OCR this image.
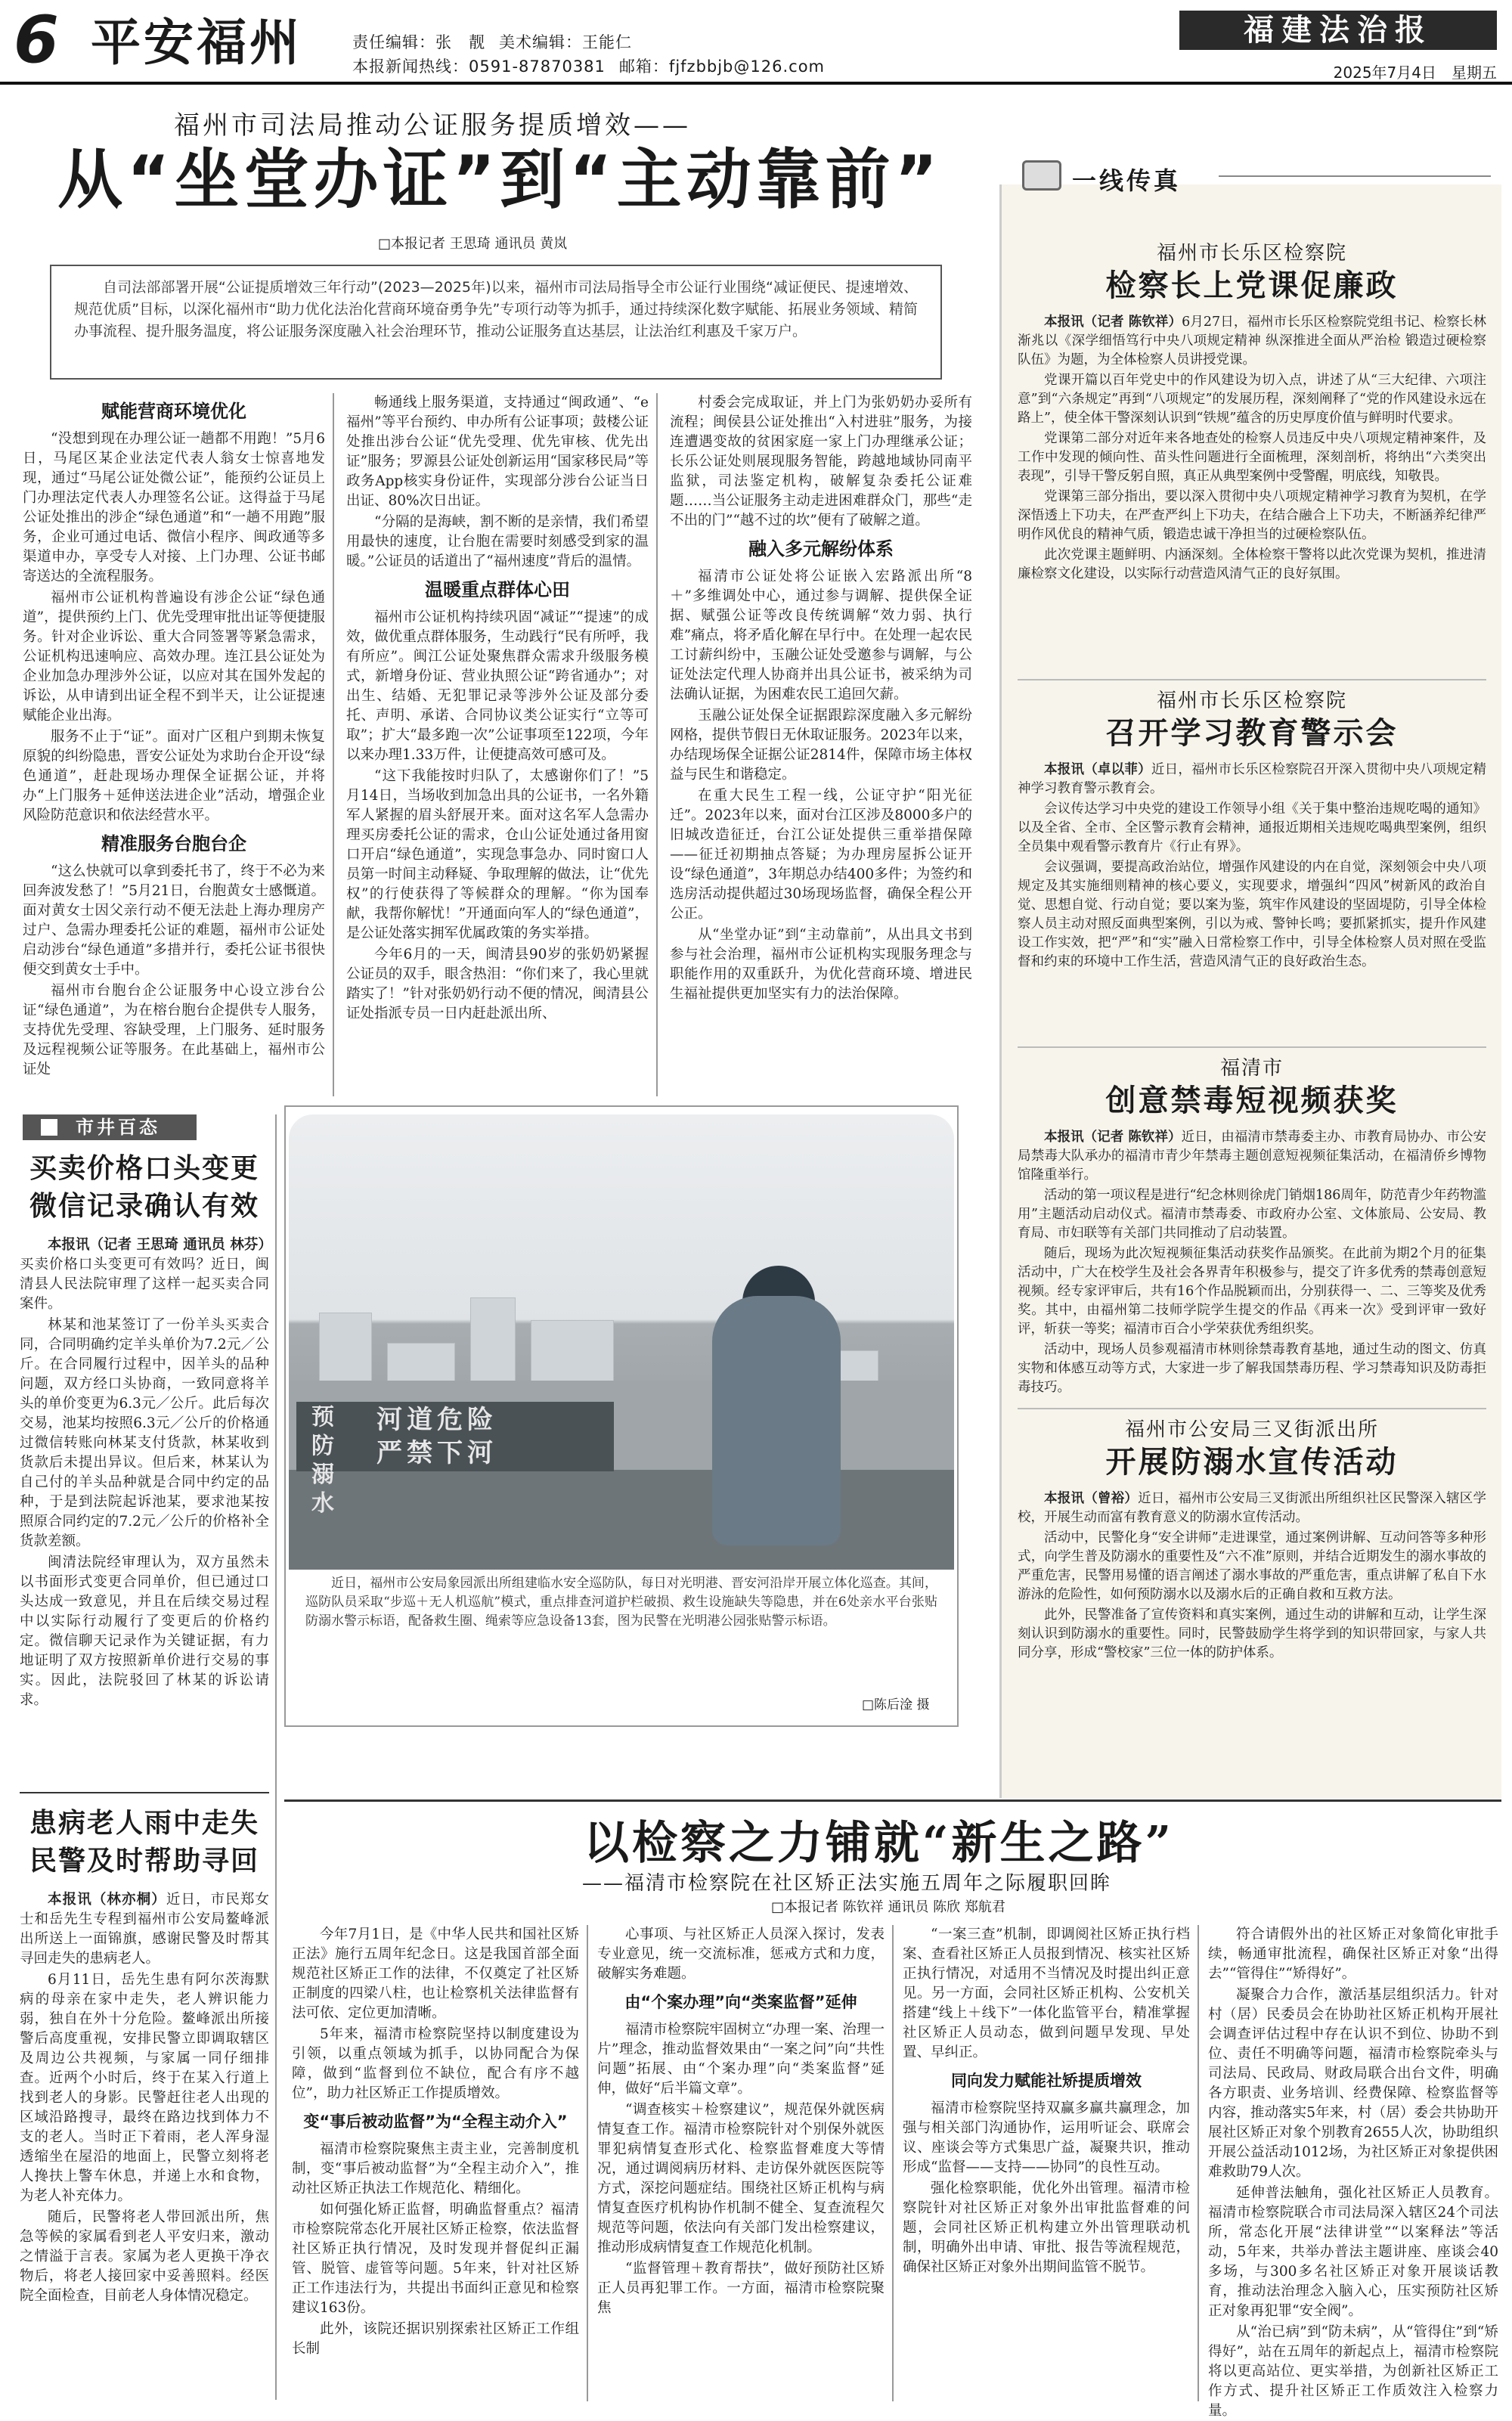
6 平安福州	责任编辑：张　靓 美术编辑：王能仁
本报新闻热线：0591-87870381 邮箱：fjfzbbjb@126.com
福建法治报
2025年7月4日　星期五
福州市司法局推动公证服务提质增效——
从“坐堂办证”到“主动靠前”
□本报记者 王思琦 通讯员 黄岚
自司法部部署开展“公证提质增效三年行动”(2023—2025年)以来，福州市司法局指导全市公证行业围绕“减证便民、提速增效、规范优质”目标，以深化福州市“助力优化法治化营商环境奋勇争先”专项行动等为抓手，通过持续深化数字赋能、拓展业务领域、精简办事流程、提升服务温度，将公证服务深度融入社会治理环节，推动公证服务直达基层，让法治红利惠及千家万户。
赋能营商环境优化

“没想到现在办理公证一趟都不用跑！”5月6日，马尾区某企业法定代表人翁女士惊喜地发现，通过“马尾公证处微公证”，能预约公证员上门办理法定代表人办理签名公证。这得益于马尾公证处推出的涉企“绿色通道”和“一趟不用跑”服务，企业可通过电话、微信小程序、闽政通等多渠道申办，享受专人对接、上门办理、公证书邮寄送达的全流程服务。

福州市公证机构普遍设有涉企公证“绿色通道”，提供预约上门、优先受理审批出证等便捷服务。针对企业诉讼、重大合同签署等紧急需求，公证机构迅速响应、高效办理。连江县公证处为企业加急办理涉外公证，以应对其在国外发起的诉讼，从申请到出证全程不到半天，让公证提速赋能企业出海。

服务不止于“证”。面对广区租户到期未恢复原貌的纠纷隐患，晋安公证处为求助台企开设“绿色通道”，赶赴现场办理保全证据公证，并将办“上门服务＋延伸送法进企业”活动，增强企业风险防范意识和依法经营水平。

精准服务台胞台企

“这么快就可以拿到委托书了，终于不必为来回奔波发愁了！”5月21日，台胞黄女士感慨道。面对黄女士因父亲行动不便无法赴上海办理房产过户、急需办理委托公证的难题，福州市公证处启动涉台“绿色通道”多措并行，委托公证书很快便交到黄女士手中。

福州市台胞台企公证服务中心设立涉台公证“绿色通道”，为在榕台胞台企提供专人服务，支持优先受理、容缺受理，上门服务、延时服务及远程视频公证等服务。在此基础上，福州市公证处

畅通线上服务渠道，支持通过“闽政通”、“e福州”等平台预约、申办所有公证事项；鼓楼公证处推出涉台公证“优先受理、优先审核、优先出证”服务；罗源县公证处创新运用“国家移民局”等政务App核实身份证件，实现部分涉台公证当日出证、80%次日出证。

“分隔的是海峡，割不断的是亲情，我们希望用最快的速度，让台胞在需要时刻感受到家的温暖。”公证员的话道出了“福州速度”背后的温情。

温暖重点群体心田

福州市公证机构持续巩固“减证”“提速”的成效，做优重点群体服务，生动践行“民有所呼，我有所应”。闽江公证处聚焦群众需求升级服务模式，新增身份证、营业执照公证“跨省通办”；对出生、结婚、无犯罪记录等涉外公证及部分委托、声明、承诺、合同协议类公证实行“立等可取”；扩大“最多跑一次”公证事项至122项，今年以来办理1.33万件，让便捷高效可感可及。

“这下我能按时归队了，太感谢你们了！”5月14日，当场收到加急出具的公证书，一名外籍军人紧握的眉头舒展开来。面对这名军人急需办理买房委托公证的需求，仓山公证处通过备用窗口开启“绿色通道”，实现急事急办、同时窗口人员第一时间主动释疑、争取理解的做法，让“优先权”的行使获得了等候群众的理解。“你为国奉献，我帮你解忧！”开通面向军人的“绿色通道”，是公证处落实拥军优属政策的务实举措。

今年6月的一天，闽清县90岁的张奶奶紧握公证员的双手，眼含热泪：“你们来了，我心里就踏实了！”针对张奶奶行动不便的情况，闽清县公证处指派专员一日内赶赴派出所、

村委会完成取证，并上门为张奶奶办妥所有流程；闽侯县公证处推出“入村进驻”服务，为接连遭遇变故的贫困家庭一家上门办理继承公证；长乐公证处则展现服务智能，跨越地域协同南平监狱，司法鉴定机构，破解复杂委托公证难题……当公证服务主动走进困难群众门，那些“走不出的门”“越不过的坎”便有了破解之道。

融入多元解纷体系

福清市公证处将公证嵌入宏路派出所“8＋”多维调处中心，通过参与调解、提供保全证据、赋强公证等改良传统调解“效力弱、执行难”痛点，将矛盾化解在早行中。在处理一起农民工讨薪纠纷中，玉融公证处受邀参与调解，与公证处法定代理人协商并出具公证书，被采纳为司法确认证据，为困难农民工追回欠薪。

玉融公证处保全证据跟踪深度融入多元解纷网格，提供节假日无休取证服务。2023年以来，办结现场保全证据公证2814件，保障市场主体权益与民生和谐稳定。

在重大民生工程一线，公证守护“阳光征迁”。2023年以来，面对台江区涉及8000多户的旧城改造征迁，台江公证处提供三重举措保障——征迁初期抽点答疑；为办理房屋拆公证开设“绿色通道”，3年期总办结400多件；为签约和选房活动提供超过30场现场监督，确保全程公开公正。

从“坐堂办证”到“主动靠前”，从出具文书到参与社会治理，福州市公证机构实现服务理念与职能作用的双重跃升，为优化营商环境、增进民生福祉提供更加坚实有力的法治保障。

一线传真
福州市长乐区检察院
检察长上党课促廉政

本报讯（记者 陈钦祥）6月27日，福州市长乐区检察院党组书记、检察长林渐兆以《深学细悟笃行中央八项规定精神 纵深推进全面从严治检 锻造过硬检察队伍》为题，为全体检察人员讲授党课。

党课开篇以百年党史中的作风建设为切入点，讲述了从“三大纪律、六项注意”到“六条规定”再到“八项规定”的发展历程，深刻阐释了“党的作风建设永远在路上”，使全体干警深刻认识到“铁规”蕴含的历史厚度价值与鲜明时代要求。

党课第二部分对近年来各地查处的检察人员违反中央八项规定精神案件，及工作中发现的倾向性、苗头性问题进行全面梳理，深刻剖析，将纳出“六类突出表现”，引导干警反躬自照，真正从典型案例中受警醒，明底线，知敬畏。

党课第三部分指出，要以深入贯彻中央八项规定精神学习教育为契机，在学深悟透上下功夫，在严查严纠上下功夫，在结合融合上下功夫，不断涵养纪律严明作风优良的精神气质，锻造忠诚干净担当的过硬检察队伍。

此次党课主题鲜明、内涵深刻。全体检察干警将以此次党课为契机，推进清廉检察文化建设，以实际行动营造风清气正的良好氛围。

福州市长乐区检察院
召开学习教育警示会

本报讯（卓以菲）近日，福州市长乐区检察院召开深入贯彻中央八项规定精神学习教育警示教育会。

会议传达学习中央党的建设工作领导小组《关于集中整治违规吃喝的通知》以及全省、全市、全区警示教育会精神，通报近期相关违规吃喝典型案例，组织全员集中观看警示教育片《行止有界》。

会议强调，要提高政治站位，增强作风建设的内在自觉，深刻领会中央八项规定及其实施细则精神的核心要义，实现要求，增强纠“四风”树新风的政治自觉、思想自觉、行动自觉；要以案为鉴，筑牢作风建设的坚固堤防，引导全体检察人员主动对照反面典型案例，引以为戒、警钟长鸣；要抓紧抓实，提升作风建设工作实效，把“严”和“实”融入日常检察工作中，引导全体检察人员对照在受监督和约束的环境中工作生活，营造风清气正的良好政治生态。

福清市
创意禁毒短视频获奖

本报讯（记者 陈钦祥）近日，由福清市禁毒委主办、市教育局协办、市公安局禁毒大队承办的福清市青少年禁毒主题创意短视频征集活动，在福清侨乡博物馆隆重举行。

活动的第一项议程是进行“纪念林则徐虎门销烟186周年，防范青少年药物滥用”主题活动启动仪式。福清市禁毒委、市政府办公室、文体旅局、公安局、教育局、市妇联等有关部门共同推动了启动装置。

随后，现场为此次短视频征集活动获奖作品颁奖。在此前为期2个月的征集活动中，广大在校学生及社会各界青年积极参与，提交了许多优秀的禁毒创意短视频。经专家评审后，共有16个作品脱颖而出，分别获得一、二、三等奖及优秀奖。其中，由福州第二技师学院学生提交的作品《再来一次》受到评审一致好评，斩获一等奖；福清市百合小学荣获优秀组织奖。

活动中，现场人员参观福清市林则徐禁毒教育基地，通过生动的图文、仿真实物和体感互动等方式，大家进一步了解我国禁毒历程、学习禁毒知识及防毒拒毒技巧。

福州市公安局三叉街派出所
开展防溺水宣传活动

本报讯（曾裕）近日，福州市公安局三叉街派出所组织社区民警深入辖区学校，开展生动而富有教育意义的防溺水宣传活动。

活动中，民警化身“安全讲师”走进课堂，通过案例讲解、互动问答等多种形式，向学生普及防溺水的重要性及“六不准”原则，并结合近期发生的溺水事故的严重危害，民警用易懂的语言阐述了溺水事故的严重危害，重点讲解了私自下水游泳的危险性，如何预防溺水以及溺水后的正确自救和互救方法。

此外，民警准备了宣传资料和真实案例，通过生动的讲解和互动，让学生深刻认识到防溺水的重要性。同时，民警鼓励学生将学到的知识带回家，与家人共同分享，形成“警校家”三位一体的防护体系。

市井百态
买卖价格口头变更
微信记录确认有效

本报讯（记者 王思琦 通讯员 林芬）买卖价格口头变更可有效吗？近日，闽清县人民法院审理了这样一起买卖合同案件。

林某和池某签订了一份羊头买卖合同，合同明确约定羊头单价为7.2元／公斤。在合同履行过程中，因羊头的品种问题，双方经口头协商，一致同意将羊头的单价变更为6.3元／公斤。此后每次交易，池某均按照6.3元／公斤的价格通过微信转账向林某支付货款，林某收到货款后未提出异议。但后来，林某认为自己付的羊头品种就是合同中约定的品种，于是到法院起诉池某，要求池某按照原合同约定的7.2元／公斤的价格补全货款差额。

闽清法院经审理认为，双方虽然未以书面形式变更合同单价，但已通过口头达成一致意见，并且在后续交易过程中以实际行动履行了变更后的价格约定。微信聊天记录作为关键证据，有力地证明了双方按照新单价进行交易的事实。因此，法院驳回了林某的诉讼请求。

患病老人雨中走失
民警及时帮助寻回

本报讯（林亦桐）近日，市民郑女士和岳先生专程到福州市公安局鳌峰派出所送上一面锦旗，感谢民警及时帮其寻回走失的患病老人。

6月11日，岳先生患有阿尔茨海默病的母亲在家中走失，老人辨识能力弱，独自在外十分危险。鳌峰派出所接警后高度重视，安排民警立即调取辖区及周边公共视频，与家属一同仔细排查。近两个小时后，终于在某入行道上找到老人的身影。民警赶往老人出现的区域沿路搜寻，最终在路边找到体力不支的老人。当时正下着雨，老人浑身湿透缩坐在屋沿的地面上，民警立刻将老人搀扶上警车休息，并递上水和食物，为老人补充体力。

随后，民警将老人带回派出所，焦急等候的家属看到老人平安归来，激动之情溢于言表。家属为老人更换干净衣物后，将老人接回家中妥善照料。经医院全面检查，目前老人身体情况稳定。

预防
溺水河道危险
严禁下河
近日，福州市公安局象园派出所组建临水安全巡防队，每日对光明港、晋安河沿岸开展立体化巡查。其间，巡防队员采取“步巡＋无人机巡航”模式，重点排查河道护栏破损、救生设施缺失等隐患，并在6处亲水平台张贴防溺水警示标语，配备救生圈、绳索等应急设备13套，图为民警在光明港公园张贴警示标语。
□陈后淦 摄
以检察之力铺就“新生之路”
——福清市检察院在社区矫正法实施五周年之际履职回眸
□本报记者 陈钦祥 通讯员 陈欣 郑航君

今年7月1日，是《中华人民共和国社区矫正法》施行五周年纪念日。这是我国首部全面规范社区矫正工作的法律，不仅奠定了社区矫正制度的四梁八柱，也让检察机关法律监督有法可依、定位更加清晰。

5年来，福清市检察院坚持以制度建设为引领，以重点领域为抓手，以协同配合为保障，做到“监督到位不缺位，配合有序不越位”，助力社区矫正工作提质增效。

变“事后被动监督”为“全程主动介入”

福清市检察院聚焦主责主业，完善制度机制，变“事后被动监督”为“全程主动介入”，推动社区矫正执法工作规范化、精细化。

如何强化矫正监督，明确监督重点？福清市检察院常态化开展社区矫正检察，依法监督社区矫正执行情况，及时发现并督促纠正漏管、脱管、虚管等问题。5年来，针对社区矫正工作违法行为，共提出书面纠正意见和检察建议163份。

此外，该院还据识别探索社区矫正工作组长制

心事项、与社区矫正人员深入探讨，发表专业意见，统一交流标准，惩戒方式和力度，破解实务难题。

由“个案办理”向“类案监督”延伸

福清市检察院牢固树立“办理一案、治理一片”理念，推动监督效果由“一案之问”向“共性问题”拓展、由“个案办理”向“类案监督”延伸，做好“后半篇文章”。

“调查核实＋检察建议”，规范保外就医病情复查工作。福清市检察院针对个别保外就医罪犯病情复查形式化、检察监督难度大等情况，通过调阅病历材料、走访保外就医医院等方式，深挖问题症结。围绕社区矫正机构与病情复查医疗机构协作机制不健全、复查流程欠规范等问题，依法向有关部门发出检察建议，推动形成病情复查工作规范化机制。

“监督管理＋教育帮扶”，做好预防社区矫正人员再犯罪工作。一方面，福清市检察院聚焦

“一案三查”机制，即调阅社区矫正执行档案、查看社区矫正人员报到情况、核实社区矫正执行情况，对适用不当情况及时提出纠正意见。另一方面，会同社区矫正机构、公安机关搭建“线上＋线下”一体化监管平台，精准掌握社区矫正人员动态，做到问题早发现、早处置、早纠正。

同向发力赋能社矫提质增效

福清市检察院坚持双赢多赢共赢理念，加强与相关部门沟通协作，运用听证会、联席会议、座谈会等方式集思广益，凝聚共识，推动形成“监督——支持——协同”的良性互动。

强化检察职能，优化外出管理。福清市检察院针对社区矫正对象外出审批监督难的问题，会同社区矫正机构建立外出管理联动机制，明确外出申请、审批、报告等流程规范，确保社区矫正对象外出期间监管不脱节。

符合请假外出的社区矫正对象简化审批手续，畅通审批流程，确保社区矫正对象“出得去”“管得住”“矫得好”。

凝聚合力合作，激活基层组织活力。针对村（居）民委员会在协助社区矫正机构开展社会调查评估过程中存在认识不到位、协助不到位、责任不明确等问题，福清市检察院牵头与司法局、民政局、财政局联合出台文件，明确各方职责、业务培训、经费保障、检察监督等内容，推动落实5年来，村（居）委会共协助开展社区矫正对象个别教育2655人次，协助组织开展公益活动1012场，为社区矫正对象提供困难救助79人次。

延伸普法触角，强化社区矫正人员教育。福清市检察院联合市司法局深入辖区24个司法所，常态化开展“法律讲堂”“以案释法”等活动，5年来，共举办普法主题讲座、座谈会40多场，与300多名社区矫正对象开展谈话教育，推动法治理念入脑入心，压实预防社区矫正对象再犯罪“安全阀”。

从“治已病”到“防未病”，从“管得住”到“矫得好”，站在五周年的新起点上，福清市检察院将以更高站位、更实举措，为创新社区矫正工作方式、提升社区矫正工作质效注入检察力量。
